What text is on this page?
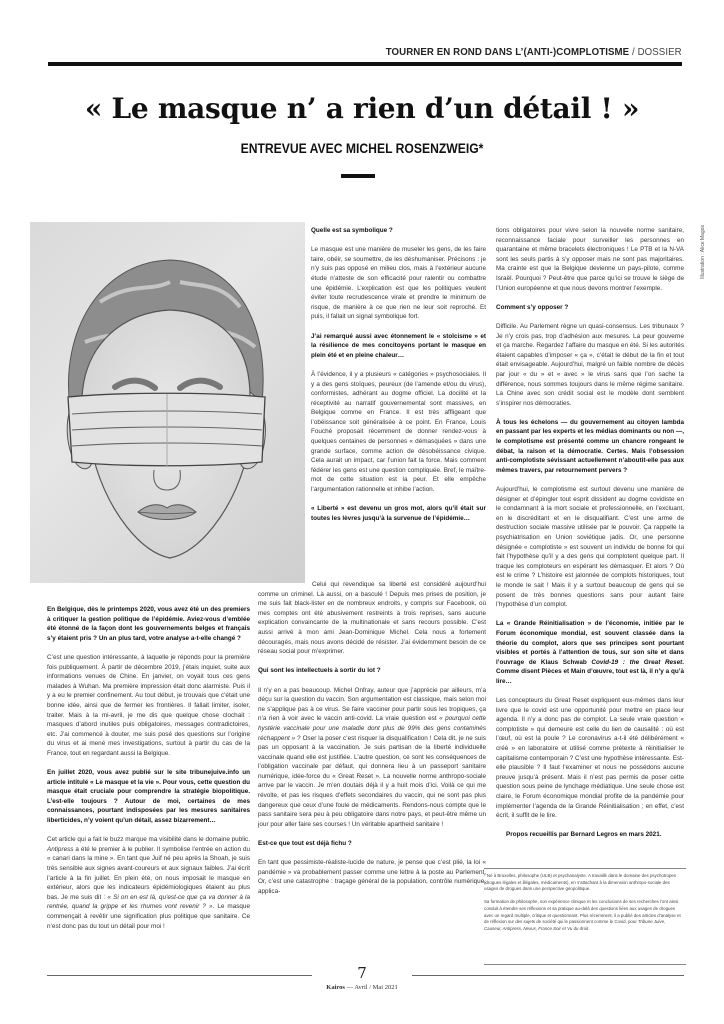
TOURNER EN ROND DANS L’(ANTI-)COMPLOTISME / DOSSIER
« Le masque n’ a rien d’un détail ! »
ENTREVUE AVEC MICHEL ROSENZWEIG*
Illustration : Alice Magos

Quelle est sa symbolique ?

Le masque est une manière de museler les gens, de les faire taire, obéir, se soumettre, de les déshumaniser. Précisons : je n’y suis pas opposé en milieu clos, mais à l’extérieur aucune étude n’atteste de son efficacité pour ralentir ou combattre une épidémie. L’explication est que les politiques veulent éviter toute recrudescence virale et prendre le minimum de risque, de manière à ce que rien ne leur soit reproché. Et puis, il fallait un signal symbolique fort.

J’ai remarqué aussi avec étonnement le « stoïcisme » et la résilience de mes concitoyens portant le masque en plein été et en pleine chaleur…

À l’évidence, il y a plusieurs « catégories » psychosociales. Il y a des gens stoïques, peureux (de l’amende et/ou du virus), conformistes, adhérant au dogme officiel. La docilité et la réceptivité au narratif gouvernemental sont massives, en Belgique comme en France. Il est très affligeant que l’obéissance soit généralisée à ce point. En France, Louis Fouché proposait récemment de donner rendez-vous à quelques centaines de personnes « démasquées » dans une grande surface, comme action de désobéissance civique. Cela aurait un impact, car l’union fait la force. Mais comment fédérer les gens est une question compliquée. Bref, le maître-mot de cette situation est la peur. Et elle empêche l’argumentation rationnelle et inhibe l’action.

« Liberté » est devenu un gros mot, alors qu’il était sur toutes les lèvres jusqu’à la survenue de l’épidémie…

En Belgique, dès le printemps 2020, vous avez été un des premiers à critiquer la gestion politique de l’épidémie. Aviez-vous d’emblée été étonné de la façon dont les gouvernements belges et français s’y étaient pris ? Un an plus tard, votre analyse a-t-elle changé ?

C’est une question intéressante, à laquelle je réponds pour la première fois publiquement. À partir de décembre 2019, j’étais inquiet, suite aux informations venues de Chine. En janvier, on voyait tous ces gens malades à Wuhan. Ma première impression était donc alarmiste. Puis il y a eu le premier confinement. Au tout début, je trouvais que c’était une bonne idée, ainsi que de fermer les frontières. Il fallait limiter, isoler, traiter. Mais à la mi-avril, je me dis que quelque chose clochait : masques d’abord inutiles puis obligatoires, messages contradictoires, etc. J’ai commencé à douter, me suis posé des questions sur l’origine du virus et ai mené mes investigations, surtout à partir du cas de la France, tout en regardant aussi la Belgique.

En juillet 2020, vous avez publié sur le site tribunejuive.info un article intitulé « Le masque et la vie ». Pour vous, cette question du masque était cruciale pour comprendre la stratégie biopolitique. L’est-elle toujours ? Autour de moi, certaines de mes connaissances, pourtant indisposées par les mesures sanitaires liberticides, n’y voient qu’un détail, assez bizarrement…

Cet article qui a fait le buzz marque ma visibilité dans le domaine public. Antipress a été le premier à le publier. Il symbolise l’entrée en action du « canari dans la mine ». En tant que Juif né peu après la Shoah, je suis très sensible aux signes avant-coureurs et aux signaux faibles. J’ai écrit l’article à la fin juillet. En plein été, on nous imposait le masque en extérieur, alors que les indicateurs épidémiologiques étaient au plus bas. Je me suis dit : « Si on en est là, qu’est-ce que ça va donner à la rentrée, quand la grippe et les rhumes vont revenir ? ». Le masque commençait à revêtir une signification plus politique que sanitaire. Ce n’est donc pas du tout un détail pour moi !

Celui qui revendique sa liberté est considéré aujourd’hui comme un criminel. Là aussi, on a basculé ! Depuis mes prises de position, je me suis fait black-lister en de nombreux endroits, y compris sur Facebook, où mes comptes ont été abusivement restreints à trois reprises, sans aucune explication convaincante de la multinationale et sans recours possible. C’est aussi arrivé à mon ami Jean-Dominique Michel. Cela nous a fortement découragés, mais nous avons décidé de résister. J’ai évidemment besoin de ce réseau social pour m’exprimer.

Qui sont les intellectuels à sortir du lot ?

Il n’y en a pas beaucoup. Michel Onfray, auteur que j’apprécie par ailleurs, m’a déçu sur la question du vaccin. Son argumentation est classique, mais selon moi ne s’applique pas à ce virus. Se faire vacciner pour partir sous les tropiques, ça n’a rien à voir avec le vaccin anti-covid. La vraie question est « pourquoi cette hystérie vaccinale pour une maladie dont plus de 99% des gens contaminés réchappent » ? Oser la poser c’est risquer la disqualification ! Cela dit, je ne suis pas un opposant à la vaccination. Je suis partisan de la liberté individuelle vaccinale quand elle est justifiée. L’autre question, ce sont les conséquences de l’obligation vaccinale par défaut, qui donnera lieu à un passeport sanitaire numérique, idée-force du « Great Reset ». La nouvelle norme anthropo-sociale arrive par le vaccin. Je m’en doutais déjà il y a huit mois d’ici. Voilà ce qui me révolte, et pas les risques d’effets secondaires du vaccin, qui ne sont pas plus dangereux que ceux d’une foule de médicaments. Rendons-nous compte que le pass sanitaire sera peu à peu obligatoire dans notre pays, et peut-être même un jour pour aller faire ses courses ! Un véritable apartheid sanitaire !

Est-ce que tout est déjà fichu ?

En tant que pessimiste-réaliste-lucide de nature, je pense que c’est plié, la loi « pandémie » va probablement passer comme une lettre à la poste au Parlement. Or, c’est une catastrophe : traçage général de la population, contrôle numérique, applica-

tions obligatoires pour vivre selon la nouvelle norme sanitaire, reconnaissance faciale pour surveiller les personnes en quarantaine et même bracelets électroniques ! Le PTB et la N-VA sont les seuls partis à s’y opposer mais ne sont pas majoritaires. Ma crainte est que la Belgique devienne un pays-pilote, comme Israël. Pourquoi ? Peut-être que parce qu’ici se trouve le siège de l’Union européenne et que nous devons montrer l’exemple.

Comment s’y opposer ?

Difficile. Au Parlement règne un quasi-consensus. Les tribunaux ? Je n’y crois pas, trop d’adhésion aux mesures. La peur gouverne et ça marche. Regardez l’affaire du masque en été. Si les autorités étaient capables d’imposer « ça », c’était le début de la fin et tout était envisageable. Aujourd’hui, malgré un faible nombre de décès par jour « du » et « avec » le virus sans que l’on sache la différence, nous sommes toujours dans le même régime sanitaire. La Chine avec son crédit social est le modèle dont semblent s’inspirer nos démocraties.

À tous les échelons — du gouvernement au citoyen lambda en passant par les experts et les médias dominants ou non —, le complotisme est présenté comme un chancre rongeant le débat, la raison et la démocratie. Certes. Mais l’obsession anti-complotiste sévissant actuellement n’aboutit-elle pas aux mêmes travers, par retournement pervers ?

Aujourd’hui, le complotisme est surtout devenu une manière de désigner et d’épingler tout esprit dissident au dogme covidiste en le condamnant à la mort sociale et professionnelle, en l’excluant, en le discréditant et en le disqualifiant. C’est une arme de destruction sociale massive utilisée par le pouvoir. Ça rappelle la psychiatrisation en Union soviétique jadis. Or, une personne désignée « complotiste » est souvent un individu de bonne foi qui fait l’hypothèse qu’il y a des gens qui complotent quelque part. Il traque les comploteurs en espérant les démasquer. Et alors ? Où est le crime ? L’histoire est jalonnée de complots historiques, tout le monde le sait ! Mais il y a surtout beaucoup de gens qui se posent de très bonnes questions sans pour autant faire l’hypothèse d’un complot.

La « Grande Réinitialisation » de l’économie, initiée par le Forum économique mondial, est souvent classée dans la théorie du complot, alors que ses principes sont pourtant visibles et portés à l’attention de tous, sur son site et dans l’ouvrage de Klaus Schwab Covid-19 : the Great Reset. Comme disent Pièces et Main d’œuvre, tout est là, il n’y a qu’à lire…

Les concepteurs du Great Reset expliquent eux-mêmes dans leur livre que le covid est une opportunité pour mettre en place leur agenda. Il n’y a donc pas de complot. La seule vraie question « complotiste » qui demeure est celle du lien de causalité : où est l’œuf, où est la poule ? Le coronavirus a-t-il été délibérément « créé » en laboratoire et utilisé comme prétexte à réinitialiser le capitalisme contemporain ? C’est une hypothèse intéressante. Est-elle plausible ? Il faut l’examiner et nous ne possédons aucune preuve jusqu’à présent. Mais il n’est pas permis de poser cette question sous peine de lynchage médiatique. Une seule chose est claire, le Forum économique mondial profite de la pandémie pour implémenter l’agenda de la Grande Réinitialisation ; en effet, c’est écrit, il suffit de le lire.

Propos recueillis par Bernard Legros en mars 2021.

* Né à Bruxelles, philosophe (ULB) et psychanalyste. A travaillé dans le domaine des psychotropes (drogues légales et illégales, médicaments), en s’attachant à la dimension anthropo-sociale des usages de drogues dans une perspective géopolitique.

Sa formation de philosophe, son expérience clinique et les conclusions de ses recherches l’ont ainsi conduit à étendre ses réflexions et sa pratique au-delà des questions liées aux usages de drogues avec un regard multiple, critique et questionnant. Plus récemment, il a publié des articles d’analyse et de réflexion sur des sujets de société qui le passionnent comme le Covid, pour Tribune Juive, Causeur, Antipress, Nexus, France Soir et Vu du droit.

7
Kairos — Avril / Mai 2021
